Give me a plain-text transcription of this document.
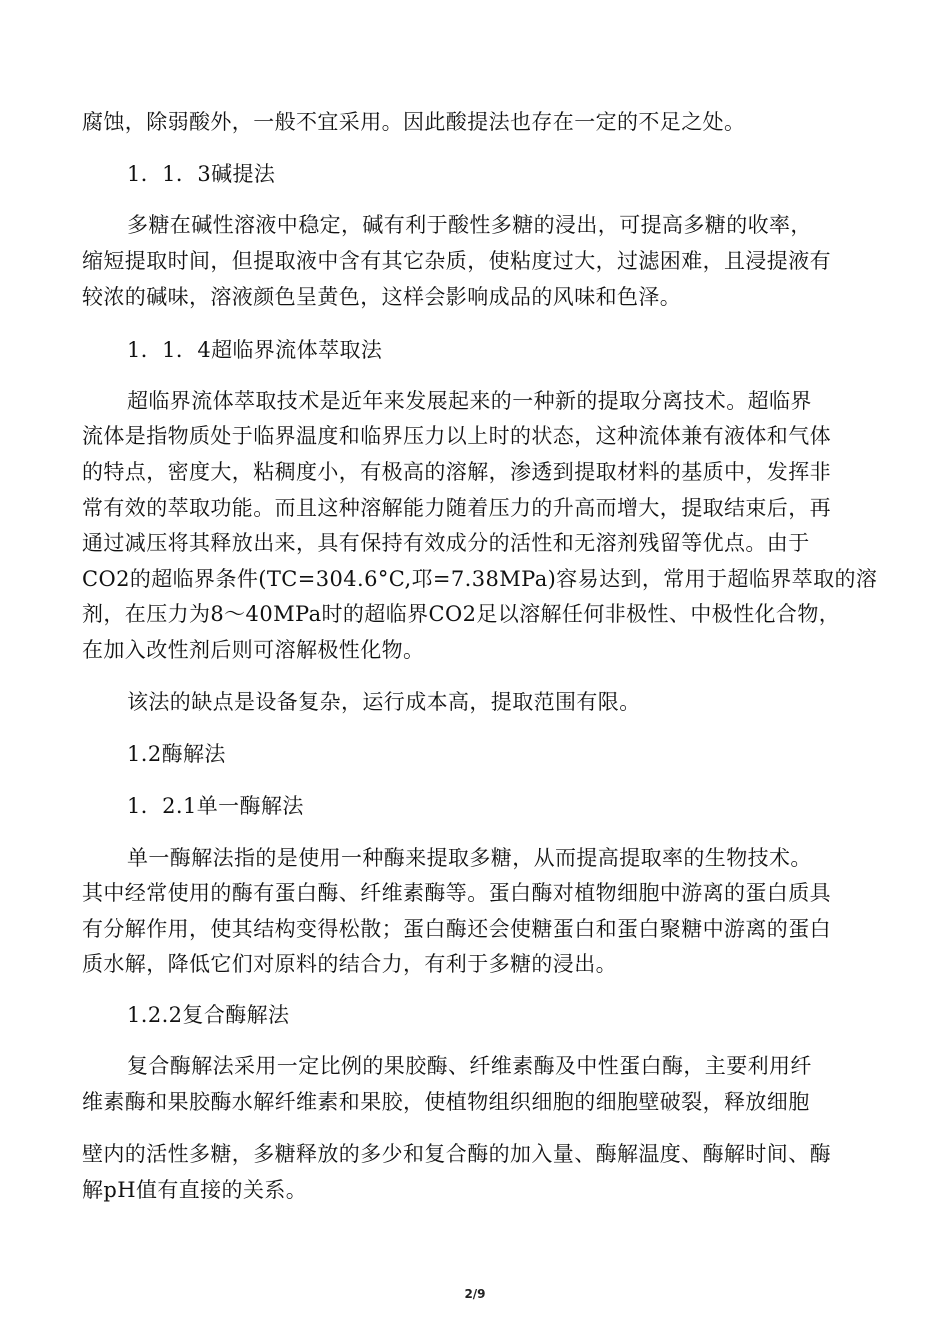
腐蚀，除弱酸外，一般不宜采用。因此酸提法也存在一定的不足之处。
1．1．3碱提法
多糖在碱性溶液中稳定，碱有利于酸性多糖的浸出，可提高多糖的收率，
缩短提取时间，但提取液中含有其它杂质，使粘度过大，过滤困难，且浸提液有
较浓的碱味，溶液颜色呈黄色，这样会影响成品的风味和色泽。
1．1．4超临界流体萃取法
超临界流体萃取技术是近年来发展起来的一种新的提取分离技术。超临界
流体是指物质处于临界温度和临界压力以上时的状态，这种流体兼有液体和气体
的特点，密度大，粘稠度小，有极高的溶解，渗透到提取材料的基质中，发挥非
常有效的萃取功能。而且这种溶解能力随着压力的升高而增大，提取结束后，再
通过减压将其释放出来，具有保持有效成分的活性和无溶剂残留等优点。由于
CO2的超临界条件(TC=304.6°C,邛=7.38MPa)容易达到，常用于超临界萃取的溶
剂，在压力为8〜40MPa时的超临界CO2足以溶解任何非极性、中极性化合物，
在加入改性剂后则可溶解极性化物。
该法的缺点是设备复杂，运行成本高，提取范围有限。
1.2酶解法
1．2.1单一酶解法
单一酶解法指的是使用一种酶来提取多糖，从而提高提取率的生物技术。
其中经常使用的酶有蛋白酶、纤维素酶等。蛋白酶对植物细胞中游离的蛋白质具
有分解作用，使其结构变得松散；蛋白酶还会使糖蛋白和蛋白聚糖中游离的蛋白
质水解，降低它们对原料的结合力，有利于多糖的浸出。
1.2.2复合酶解法
复合酶解法采用一定比例的果胶酶、纤维素酶及中性蛋白酶，主要利用纤
维素酶和果胶酶水解纤维素和果胶，使植物组织细胞的细胞壁破裂，释放细胞
壁内的活性多糖，多糖释放的多少和复合酶的加入量、酶解温度、酶解时间、酶
解pH值有直接的关系。
2/9
